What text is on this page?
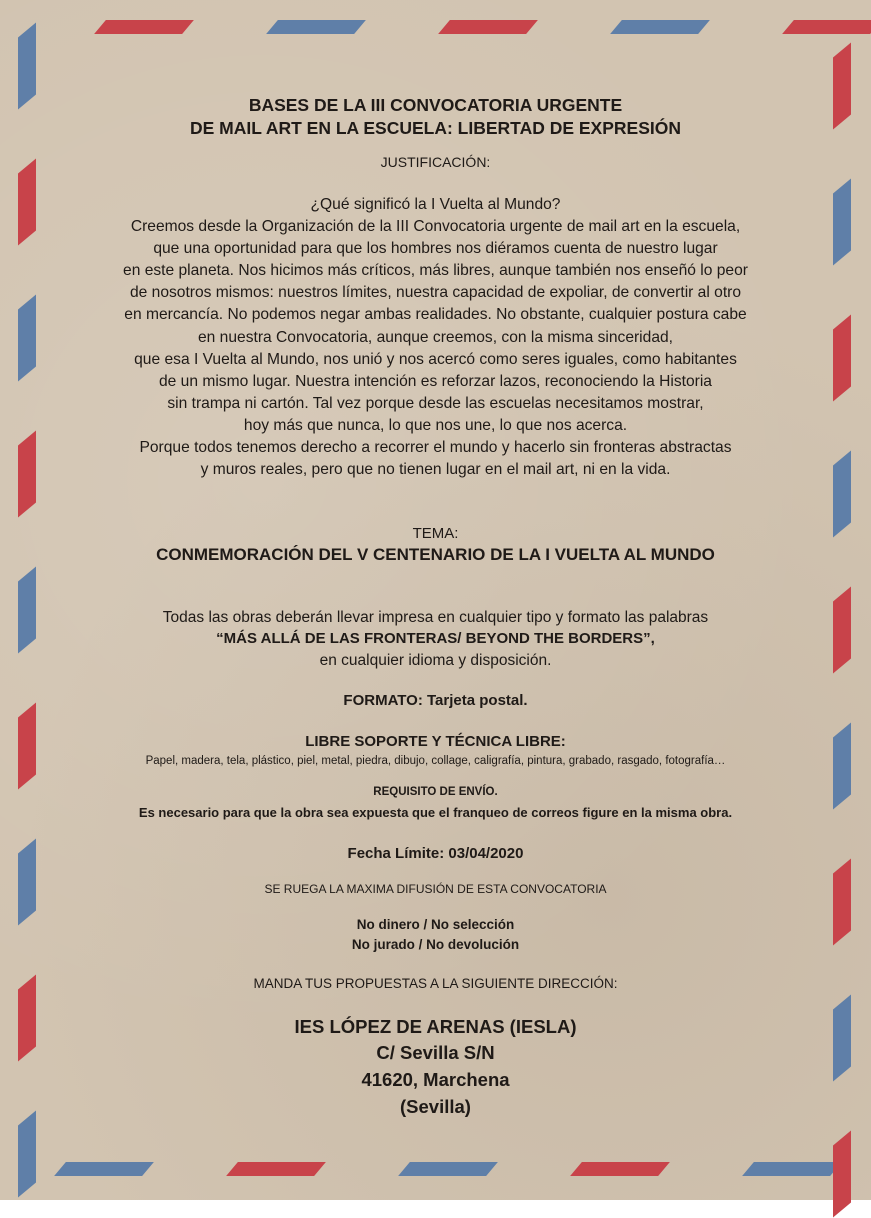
BASES DE LA III CONVOCATORIA URGENTE

DE MAIL ART EN LA ESCUELA: LIBERTAD DE EXPRESIÓN

JUSTIFICACIÓN:

¿Qué significó la I Vuelta al Mundo?
Creemos desde la Organización de la III Convocatoria urgente de mail art en la escuela,
que una oportunidad para que los hombres nos diéramos cuenta de nuestro lugar
en este planeta. Nos hicimos más críticos, más libres, aunque también nos enseñó lo peor
de nosotros mismos: nuestros límites, nuestra capacidad de expoliar, de convertir al otro
en mercancía. No podemos negar ambas realidades. No obstante, cualquier postura cabe
en nuestra Convocatoria, aunque creemos, con la misma sinceridad,
que esa I Vuelta al Mundo, nos unió y nos acercó como seres iguales, como habitantes
de un mismo lugar. Nuestra intención es reforzar lazos, reconociendo la Historia
sin trampa ni cartón. Tal vez porque desde las escuelas necesitamos mostrar,
hoy más que nunca, lo que nos une, lo que nos acerca.
Porque todos tenemos derecho a recorrer el mundo y hacerlo sin fronteras abstractas
y muros reales, pero que no tienen lugar en el mail art, ni en la vida.

TEMA:

CONMEMORACIÓN DEL V CENTENARIO DE LA I VUELTA AL MUNDO

Todas las obras deberán llevar impresa en cualquier tipo y formato las palabras

“MÁS ALLÁ DE LAS FRONTERAS/ BEYOND THE BORDERS”,

en cualquier idioma y disposición.

FORMATO: Tarjeta postal.

LIBRE SOPORTE Y TÉCNICA LIBRE:

Papel, madera, tela, plástico, piel, metal, piedra, dibujo, collage, caligrafía, pintura, grabado, rasgado, fotografía…

REQUISITO DE ENVÍO.

Es necesario para que la obra sea expuesta que el franqueo de correos figure en la misma obra.

Fecha Límite: 03/04/2020

SE RUEGA LA MAXIMA DIFUSIÓN DE ESTA CONVOCATORIA

No dinero / No selección

No jurado / No devolución

MANDA TUS PROPUESTAS A LA SIGUIENTE DIRECCIÓN:

IES LÓPEZ DE ARENAS (IESLA)

C/ Sevilla S/N

41620, Marchena

(Sevilla)
